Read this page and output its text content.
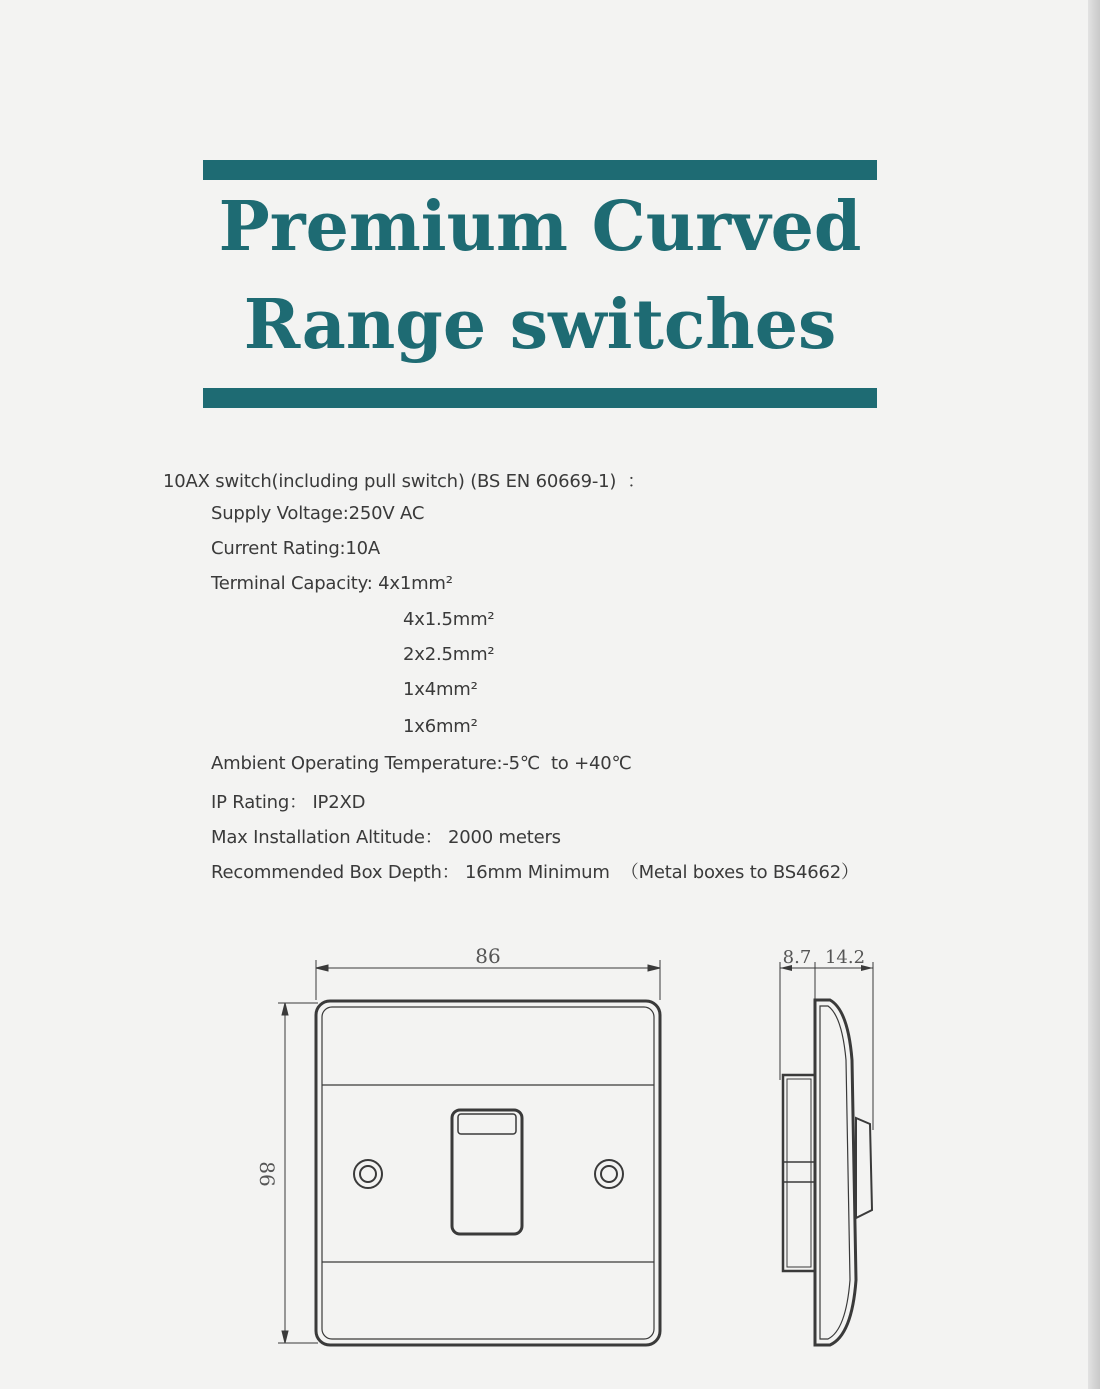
Premium Curved
Range switches
10AX switch(including pull switch) (BS EN 60669-1)  ：
Supply Voltage:250V AC
Current Rating:10A
Terminal Capacity: 4x1mm²
4x1.5mm²
2x2.5mm²
1x4mm²
1x6mm²
Ambient Operating Temperature:-5℃  to +40℃
IP Rating： IP2XD
Max Installation Altitude： 2000 meters
Recommended Box Depth： 16mm Minimum  （Metal boxes to BS4662）
86
86
8.7 14.2
